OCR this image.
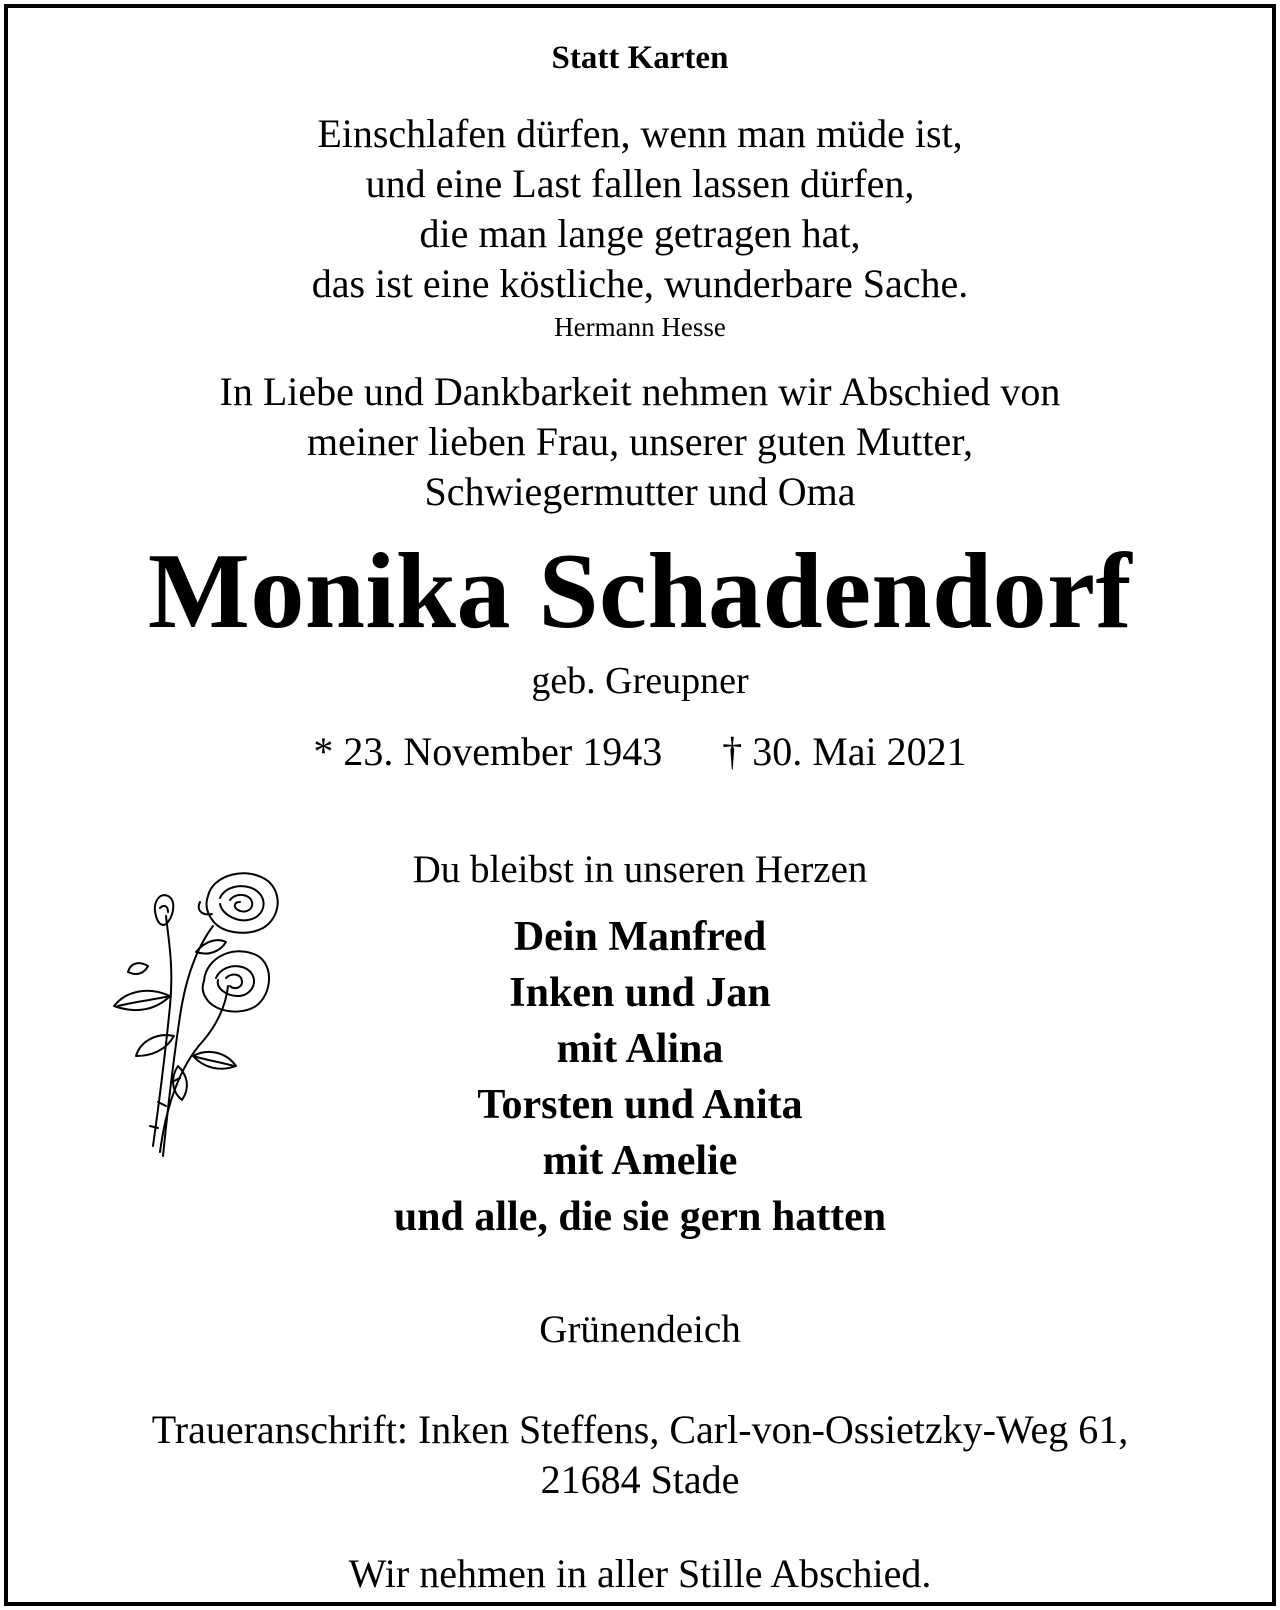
Statt Karten
Einschlafen dürfen, wenn man müde ist,
und eine Last fallen lassen dürfen,
die man lange getragen hat,
das ist eine köstliche, wunderbare Sache.
Hermann Hesse
In Liebe und Dankbarkeit nehmen wir Abschied von
meiner lieben Frau, unserer guten Mutter,
Schwiegermutter und Oma
Monika Schadendorf
geb. Greupner
* 23. November 1943 † 30. Mai 2021
Du bleibst in unseren Herzen
Dein Manfred
Inken und Jan
mit Alina
Torsten und Anita
mit Amelie
und alle, die sie gern hatten
Grünendeich
Traueranschrift: Inken Steffens, Carl-von-Ossietzky-Weg 61,
21684 Stade
Wir nehmen in aller Stille Abschied.
